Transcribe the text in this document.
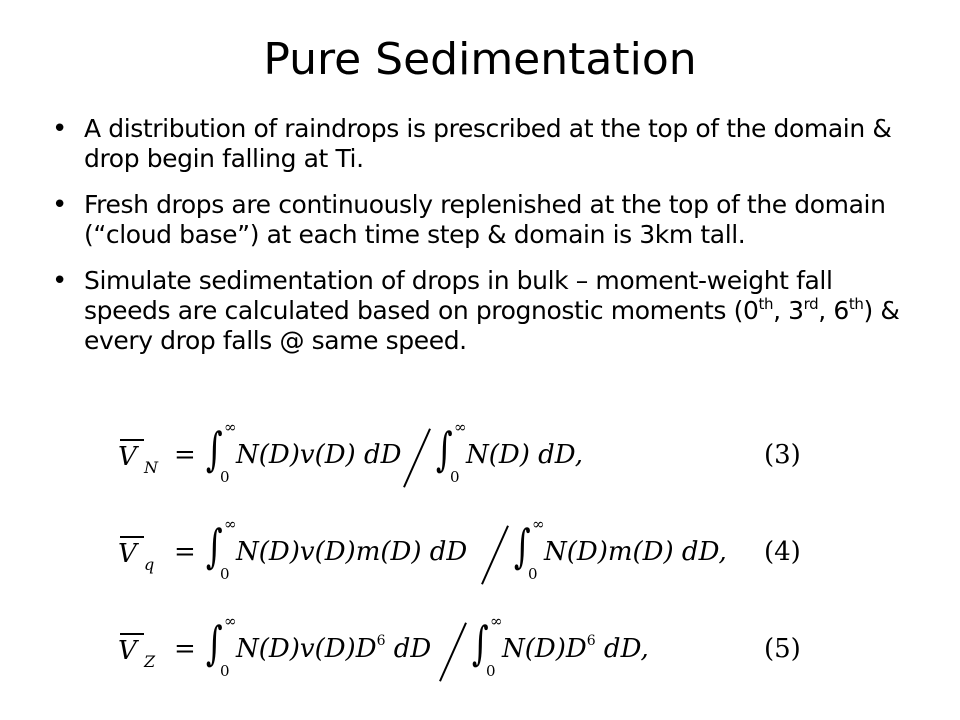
Pure Sedimentation
• A distribution of raindrops is prescribed at the top of the domain & drop begin falling at Ti.
• Fresh drops are continuously replenished at the top of the domain (“cloud base”) at each time step & domain is 3km tall.
• Simulate sedimentation of drops in bulk – moment-weight fall speeds are calculated based on prognostic moments (0th, 3rd, 6th) & every drop falls @ same speed.
V N = ∫ ∞
0
N(D)v(D) dD ∫ ∞
0
N(D) dD,	(3)
V q = ∫ ∞
0
N(D)v(D)m(D) dD ∫ ∞
0
N(D)m(D) dD, (4)
V Z = ∫ ∞
0
$N(D)v(D)D^6$ dD ∫ ∞
0
$N(D)D^6$ dD,	(5)
